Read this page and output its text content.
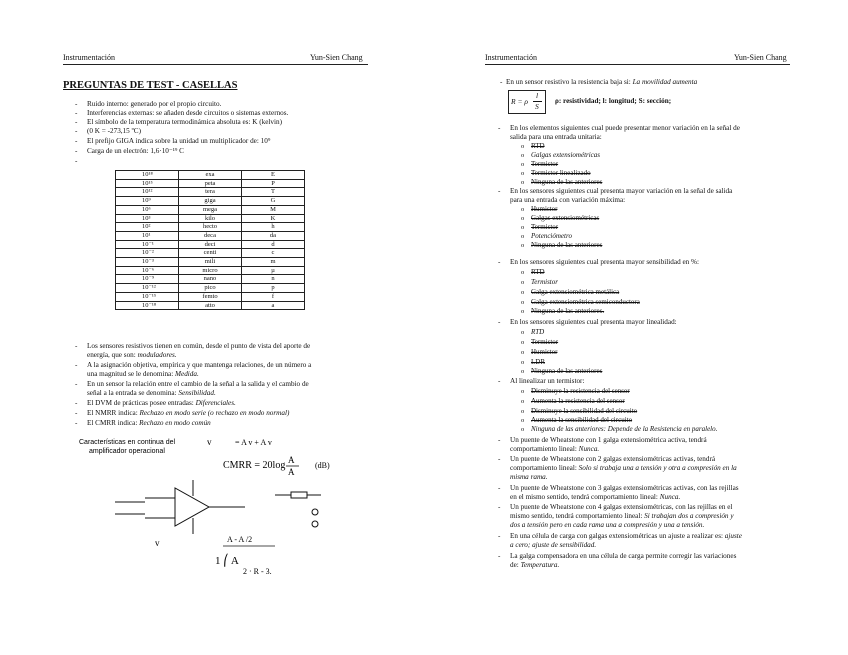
Instrumentación	Yun-Sien Chang
PREGUNTAS DE TEST - CASELLAS
- Ruido interno: generado por el propio circuito.
- Interferencias externas: se añaden desde circuitos o sistemas externos.
- El símbolo de la temperatura termodinámica absoluta es: K (kelvin)
- (0 K = -273,15 ºC)
- El prefijo GIGA indica sobre la unidad un multiplicador de: 10⁹
- Carga de un electrón: 1,6·10⁻¹⁹ C
-
10¹⁸	exa	E
10¹⁵	peta	P
10¹²	tera	T
10⁹	giga	G
10⁶	mega	M
10³	kilo	K
10²	hecto	h
10¹	deca	da
10⁻¹	deci	d
10⁻²	centi	c
10⁻³	mili	m
10⁻⁶	micro	µ
10⁻⁹	nano	n
10⁻¹²	pico	p
10⁻¹⁵	femto	f
10⁻¹⁸	atto	a
- Los sensores resistivos tienen en común, desde el punto de vista del aporte de
energía, que son: moduladores.
- A la asignación objetiva, empírica y que mantenga relaciones, de un número a
una magnitud se le denomina: Medida.
- En un sensor la relación entre el cambio de la señal a la salida y el cambio de
señal a la entrada se denomina: Sensibilidad.
- El DVM de prácticas posee entradas: Diferenciales.
- El NMRR indica: Rechazo en modo serie (o rechazo en modo normal)
- El CMRR indica: Rechazo en modo común
Características en continua del
amplificador operacional
v	= A v + A v
CMRR = 20log A
A
(dB)
v	A - A /2
1 ⎛ A
2 · R - 3.
Instrumentación	Yun-Sien Chang
- En un sensor resistivo la resistencia baja si: La movilidad aumenta
R = ρ
l
S
ρ: resistividad; l: longitud; S: sección;
- En los elementos siguientes cual puede presentar menor variación en la señal de
salida para una entrada unitaria:
o RTD
o Galgas extensiométricas
o Termistor
o Termistor linealizado
o Ninguna de las anteriores
- En los sensores siguientes cual presenta mayor variación en la señal de salida
para una entrada con variación máxima:
o Humistor
o Galgas extensiométricas
o Termistor
o Potenciómetro
o Ninguna de las anteriores
- En los sensores siguientes cual presenta mayor sensibilidad en %:
o RTD
o Termistor
o Galga extensiométrica metálica
o Galga extensiométrica semiconductora
o Ninguna de las anteriores.
- En los sensores siguientes cual presenta mayor linealidad:
o RTD
o Termistor
o Humistor
o LDR
o Ninguna de las anteriores
- Al linealizar un termistor:
o Disminuye la resistencia del sensor
o Aumenta la resistencia del sensor
o Disminuye la sensibilidad del circuito
o Aumenta la sensibilidad del circuito
o Ninguna de las anteriores: Depende de la Resistencia en paralelo.
- Un puente de Wheatstone con 1 galga extensiométrica activa, tendrá
comportamiento lineal: Nunca.
- Un puente de Wheatstone con 2 galgas extensiométricas activas, tendrá
comportamiento lineal: Solo si trabaja una a tensión y otra a compresión en la
misma rama.
- Un puente de Wheatstone con 3 galgas extensiométricas activas, con las rejillas
en el mismo sentido, tendrá comportamiento lineal: Nunca.
- Un puente de Wheatstone con 4 galgas extensiométricas, con las rejillas en el
mismo sentido, tendrá comportamiento lineal: Si trabajan dos a compresión y
dos a tensión pero en cada rama una a compresión y una a tensión.
- En una célula de carga con galgas extensiométricas un ajuste a realizar es: ajuste
a cero; ajuste de sensibilidad.
- La galga compensadora en una célula de carga permite corregir las variaciones
de: Temperatura.
